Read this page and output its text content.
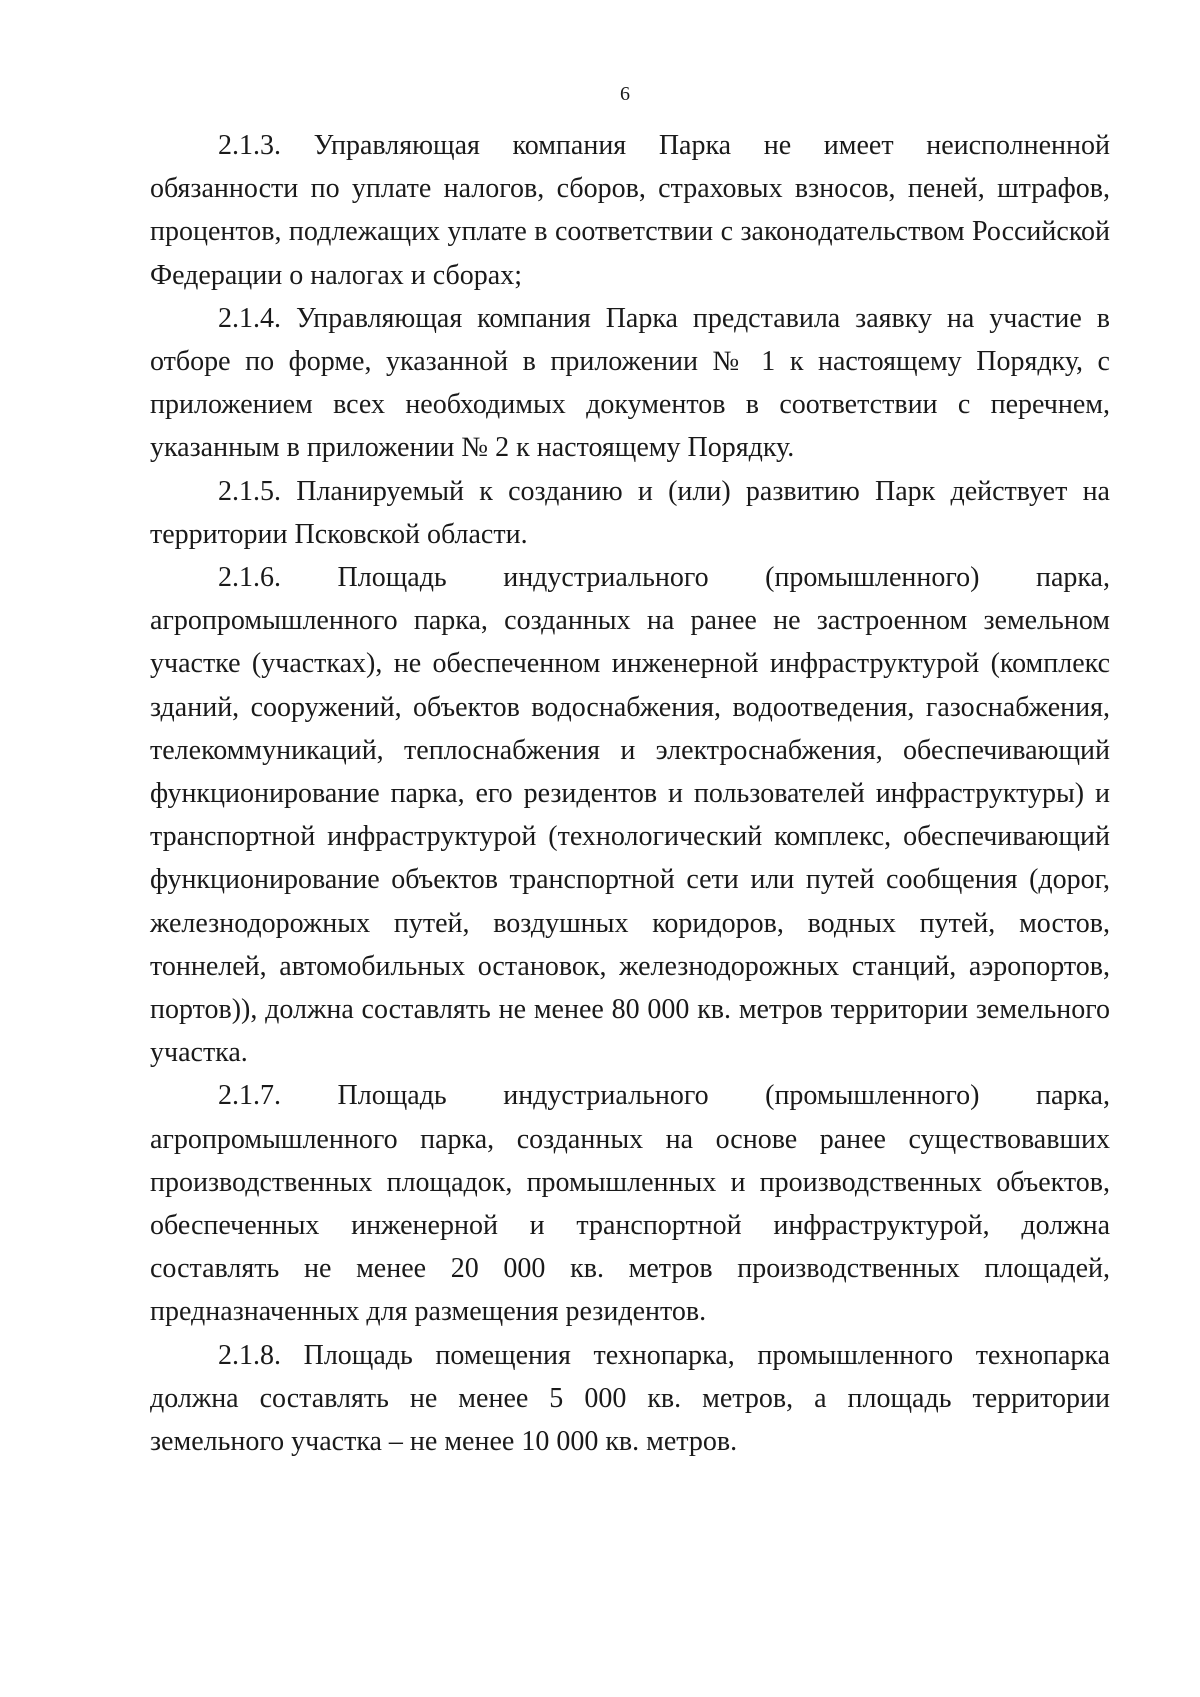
6

2.1.3. Управляющая компания Парка не имеет неисполненной обязанности по уплате налогов, сборов, страховых взносов, пеней, штрафов, процентов, подлежащих уплате в соответствии с законодательством Российской Федерации о налогах и сборах;

2.1.4. Управляющая компания Парка представила заявку на участие в отборе по форме, указанной в приложении № 1 к настоящему Порядку, с приложением всех необходимых документов в соответствии с перечнем, указанным в приложении № 2 к настоящему Порядку.

2.1.5. Планируемый к созданию и (или) развитию Парк действует на территории Псковской области.

2.1.6. Площадь индустриального (промышленного) парка, агропромышленного парка, созданных на ранее не застроенном земельном участке (участках), не обеспеченном инженерной инфраструктурой (комплекс зданий, сооружений, объектов водоснабжения, водоотведения, газоснабжения, телекоммуникаций, теплоснабжения и электроснабжения, обеспечивающий функционирование парка, его резидентов и пользователей инфраструктуры) и транспортной инфраструктурой (технологический комплекс, обеспечивающий функционирование объектов транспортной сети или путей сообщения (дорог, железнодорожных путей, воздушных коридоров, водных путей, мостов, тоннелей, автомобильных остановок, железнодорожных станций, аэропортов, портов)), должна составлять не менее 80 000 кв. метров территории земельного участка.

2.1.7. Площадь индустриального (промышленного) парка, агропромышленного парка, созданных на основе ранее существовавших производственных площадок, промышленных и производственных объектов, обеспеченных инженерной и транспортной инфраструктурой, должна составлять не менее 20 000 кв. метров производственных площадей, предназначенных для размещения резидентов.

2.1.8. Площадь помещения технопарка, промышленного технопарка должна составлять не менее 5 000 кв. метров, а площадь территории земельного участка – не менее 10 000 кв. метров.
